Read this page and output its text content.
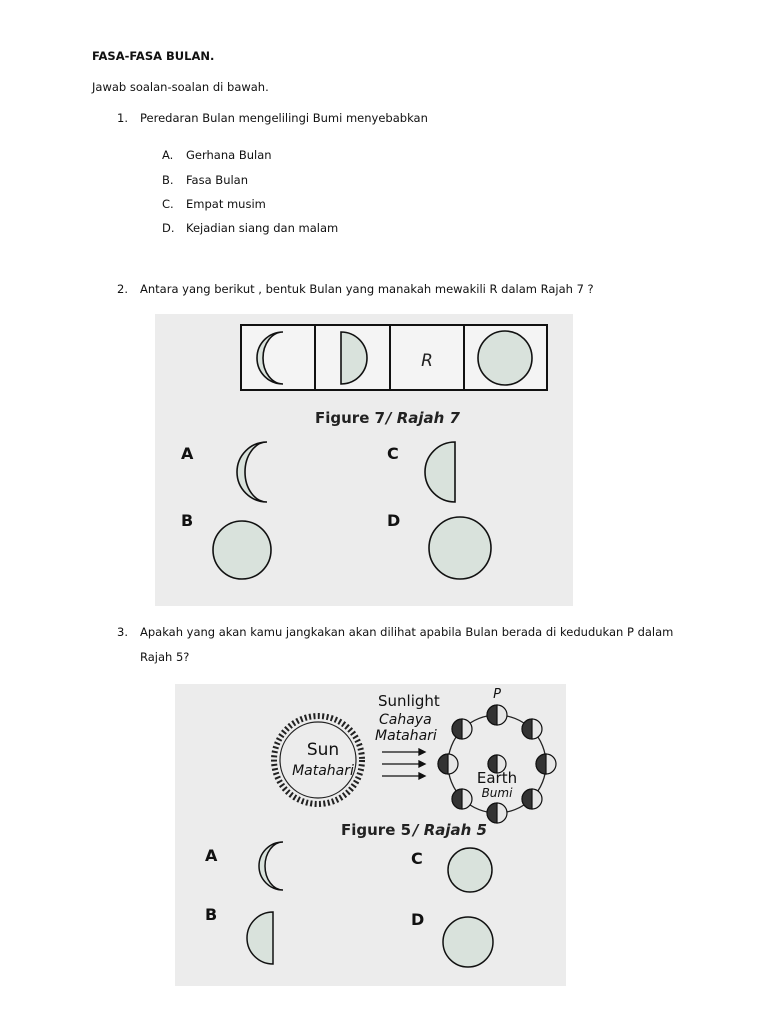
FASA-FASA BULAN.
Jawab soalan-soalan di bawah.
1. Peredaran Bulan mengelilingi Bumi menyebabkan
A. Gerhana Bulan
B. Fasa Bulan
C. Empat musim
D. Kejadian siang dan malam
2. Antara yang berikut , bentuk Bulan yang manakah mewakili R dalam Rajah 7 ?
R
Figure 7 / Rajah 7
A
B
C
D
3. Apakah yang akan kamu jangkakan akan dilihat apabila Bulan berada di kedudukan P dalam
Rajah 5?
Sun
Matahari
Sunlight
Cahaya
Matahari
P
Earth
Bumi
Figure 5 / Rajah 5
A
B
C
D
